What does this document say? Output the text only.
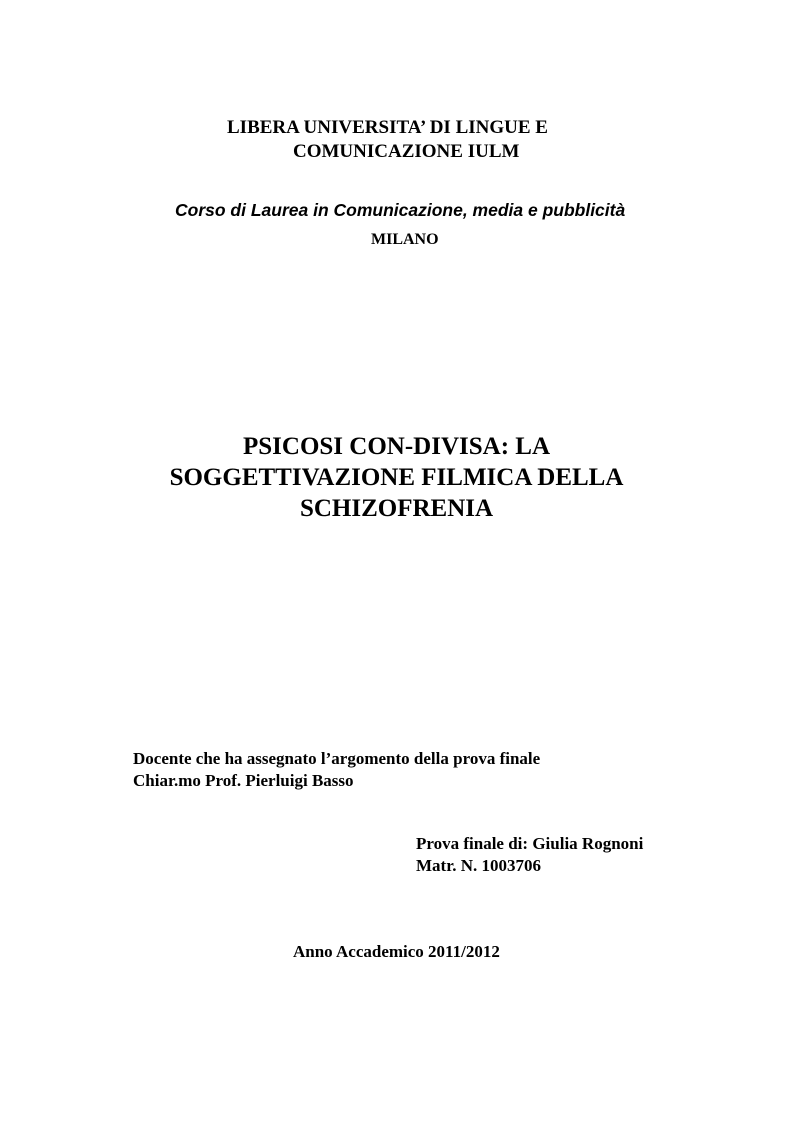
LIBERA UNIVERSITA’ DI LINGUE E
COMUNICAZIONE IULM
Corso di Laurea in Comunicazione, media e pubblicità
MILANO
PSICOSI CON-DIVISA: LA
SOGGETTIVAZIONE FILMICA DELLA
SCHIZOFRENIA
Docente che ha assegnato l’argomento della prova finale
Chiar.mo Prof. Pierluigi Basso
Prova finale di: Giulia Rognoni
Matr. N. 1003706
Anno Accademico 2011/2012
